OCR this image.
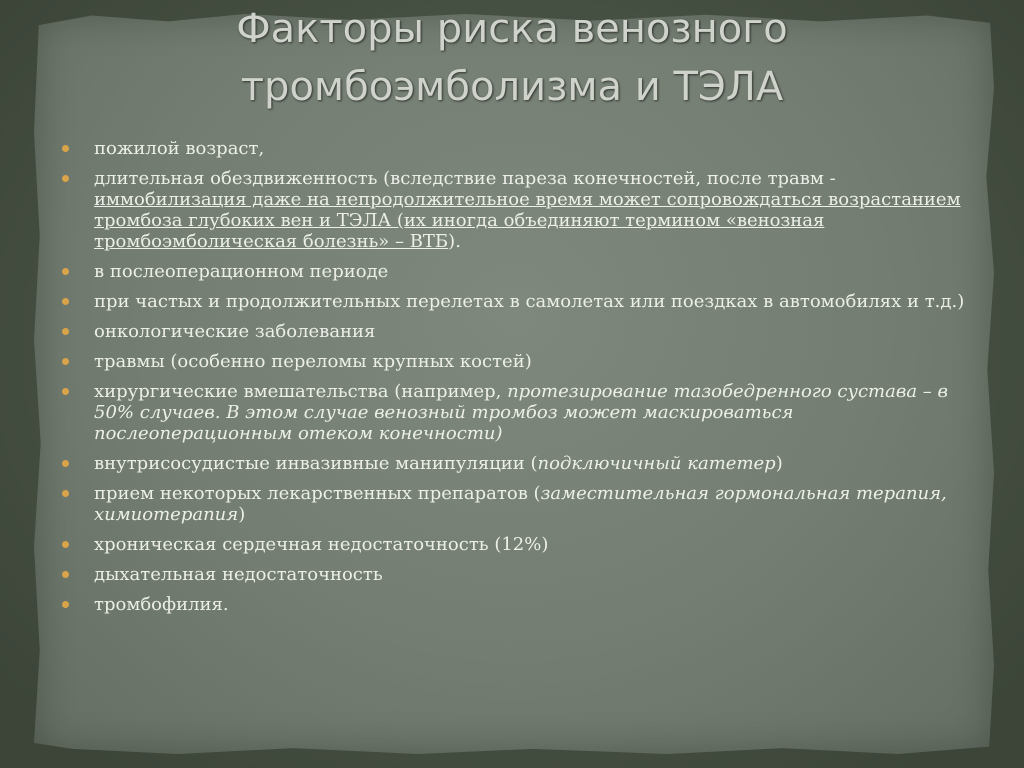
Факторы риска венозного
тромбоэмболизма и ТЭЛА
пожилой возраст,
длительная обездвиженность (вследствие пареза конечностей, после травм - иммобилизация даже на непродолжительное время может сопровождаться возрастанием тромбоза глубоких вен и ТЭЛА (их иногда объединяют термином «венозная тромбоэмболическая болезнь» – ВТБ).
в послеоперационном периоде
при частых и продолжительных перелетах в самолетах или поездках в автомобилях и т.д.)
онкологические заболевания
травмы (особенно переломы крупных костей)
хирургические вмешательства (например, протезирование тазобедренного сустава – в 50% случаев. В этом случае венозный тромбоз может маскироваться послеоперационным отеком конечности)
внутрисосудистые инвазивные манипуляции (подключичный катетер)
прием некоторых лекарственных препаратов (заместительная гормональная терапия, химиотерапия)
хроническая сердечная недостаточность (12%)
дыхательная недостаточность
тромбофилия.
